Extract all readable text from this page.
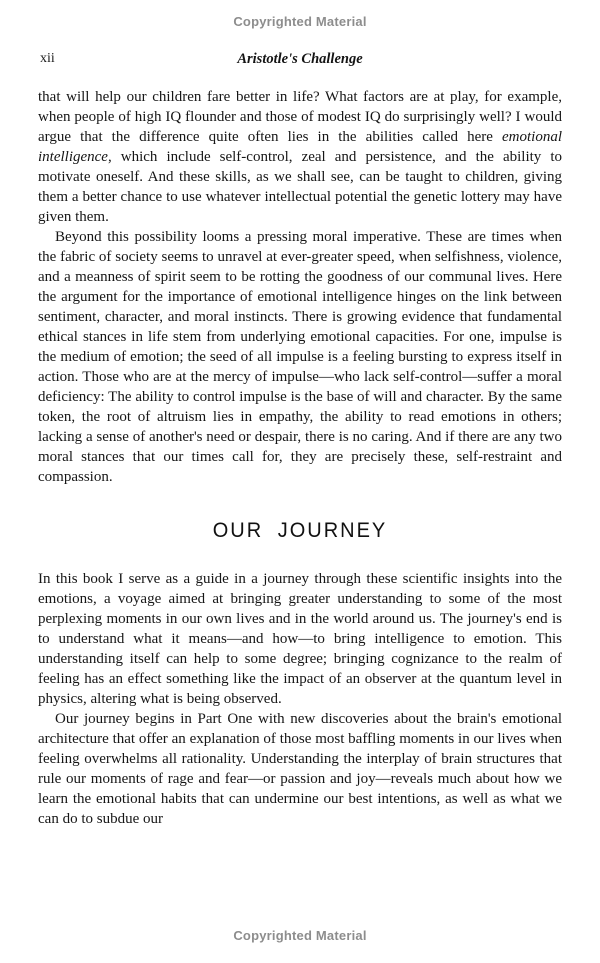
Copyrighted Material
xii	Aristotle's Challenge

that will help our children fare better in life? What factors are at play, for example, when people of high IQ flounder and those of modest IQ do surprisingly well? I would argue that the difference quite often lies in the abilities called here emotional intelligence, which include self-control, zeal and persistence, and the ability to motivate oneself. And these skills, as we shall see, can be taught to children, giving them a better chance to use whatever intellectual potential the genetic lottery may have given them.

Beyond this possibility looms a pressing moral imperative. These are times when the fabric of society seems to unravel at ever-greater speed, when selfishness, violence, and a meanness of spirit seem to be rotting the goodness of our communal lives. Here the argument for the importance of emotional intelligence hinges on the link between sentiment, character, and moral instincts. There is growing evidence that fundamental ethical stances in life stem from underlying emotional capacities. For one, impulse is the medium of emotion; the seed of all impulse is a feeling bursting to express itself in action. Those who are at the mercy of impulse—who lack self-control—suffer a moral deficiency: The ability to control impulse is the base of will and character. By the same token, the root of altruism lies in empathy, the ability to read emotions in others; lacking a sense of another's need or despair, there is no caring. And if there are any two moral stances that our times call for, they are precisely these, self-restraint and compassion.

OUR JOURNEY

In this book I serve as a guide in a journey through these scientific insights into the emotions, a voyage aimed at bringing greater understanding to some of the most perplexing moments in our own lives and in the world around us. The journey's end is to understand what it means—and how—to bring intelligence to emotion. This understanding itself can help to some degree; bringing cognizance to the realm of feeling has an effect something like the impact of an observer at the quantum level in physics, altering what is being observed.

Our journey begins in Part One with new discoveries about the brain's emotional architecture that offer an explanation of those most baffling moments in our lives when feeling overwhelms all rationality. Understanding the interplay of brain structures that rule our moments of rage and fear—or passion and joy—reveals much about how we learn the emotional habits that can undermine our best intentions, as well as what we can do to subdue our

Copyrighted Material
